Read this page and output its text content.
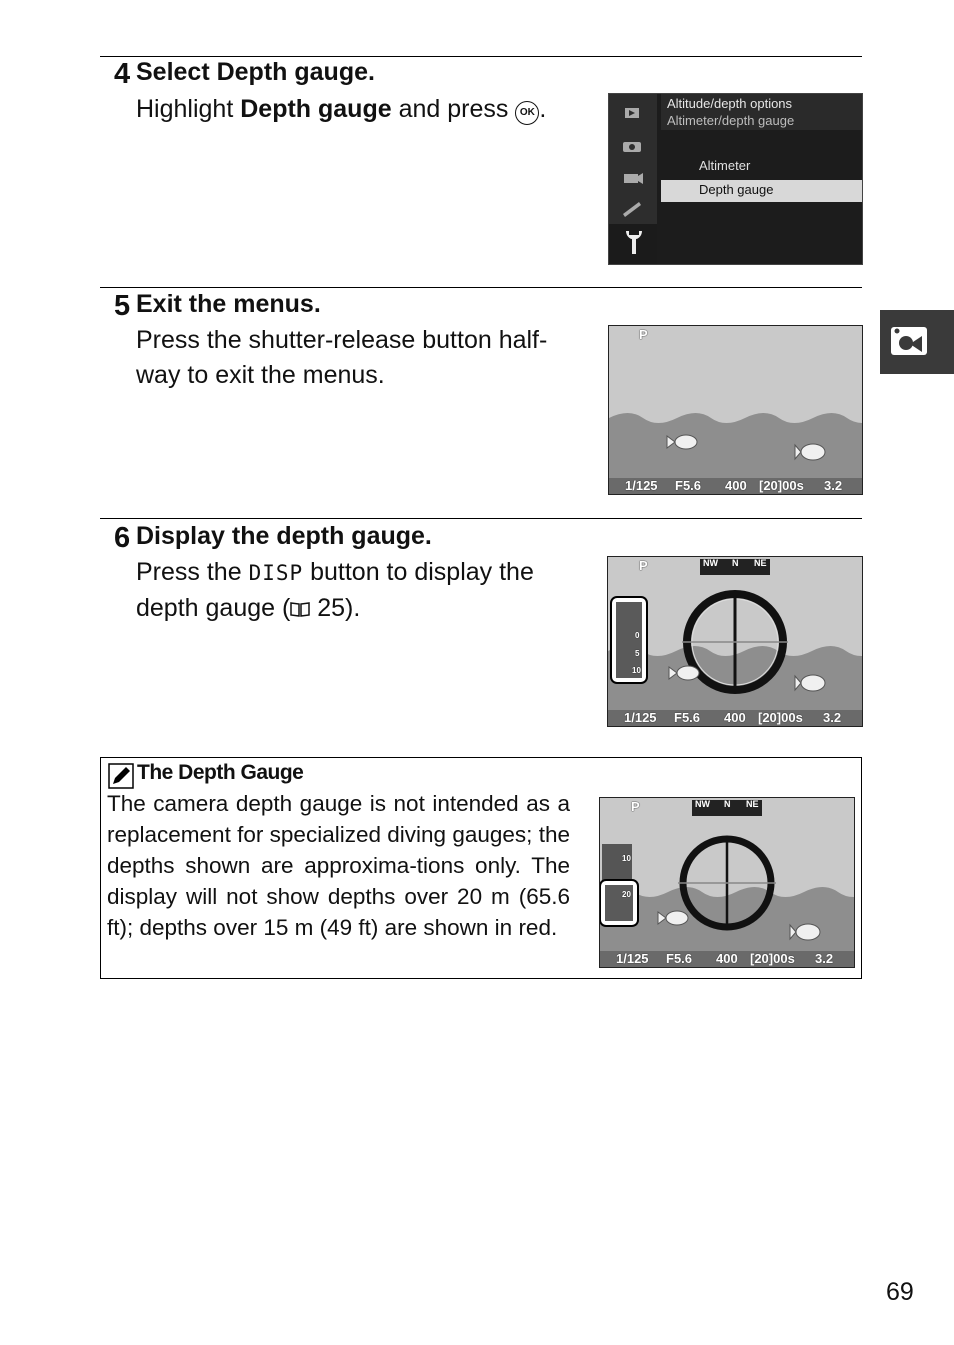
4 Select Depth gauge.
Highlight Depth gauge and press OK .	Altitude/depth options
Altimeter/depth gauge
Altimeter
Depth gauge
5 Exit the menus.
Press the shutter-release button half-
way to exit the menus.
P
1/125 F5.6 400 [20]00s 3.2
6 Display the depth gauge.
Press the DISP button to display the
depth gauge ( 25).
NW N NE
0
5
10
P
1/125 F5.6 400 [20]00s 3.2
The Depth Gauge
The camera depth gauge is not intended as a replacement for specialized diving gauges; the depths shown are approxima-tions only. The display will not show depths over 20 m (65.6 ft); depths over 15 m (49 ft) are shown in red.
NW N NE
10
20
P
1/125 F5.6 400 [20]00s 3.2
69
